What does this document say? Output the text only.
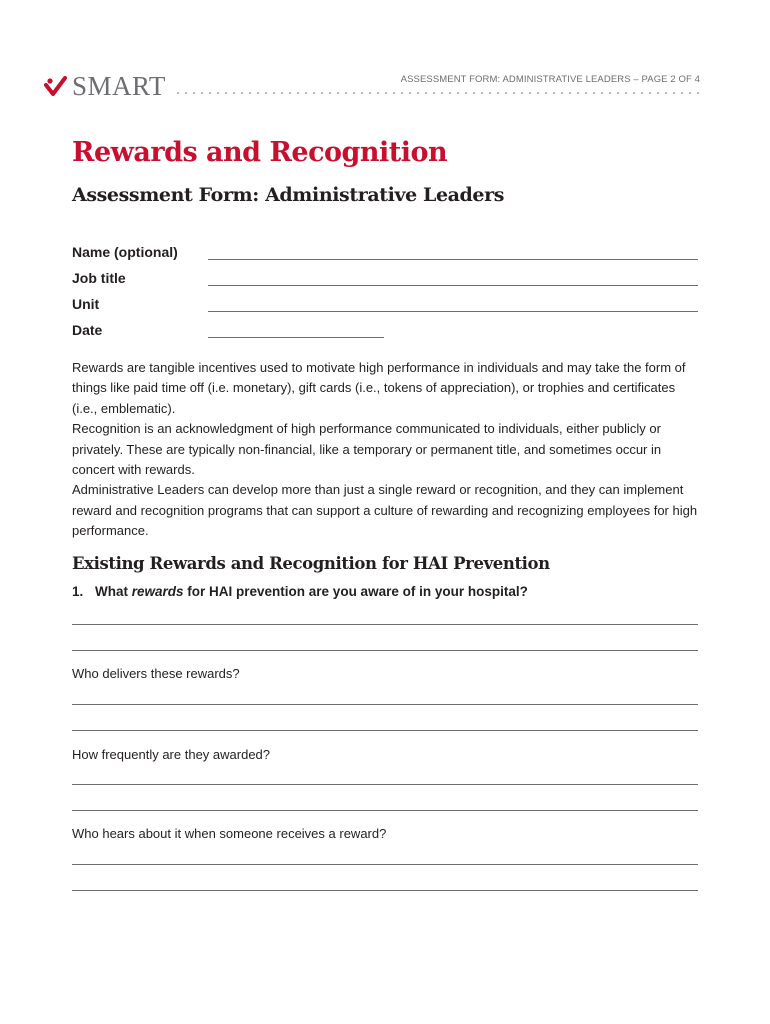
SMART	ASSESSMENT FORM: ADMINISTRATIVE LEADERS – PAGE 2 OF 4
Rewards and Recognition
Assessment Form: Administrative Leaders
Name (optional)
Job title
Unit
Date

Rewards are tangible incentives used to motivate high performance in individuals and may take the form of things like paid time off (i.e. monetary), gift cards (i.e., tokens of appreciation), or trophies and certificates (i.e., emblematic).

Recognition is an acknowledgment of high performance communicated to individuals, either publicly or privately. These are typically non-financial, like a temporary or permanent title, and sometimes occur in concert with rewards.

Administrative Leaders can develop more than just a single reward or recognition, and they can implement reward and recognition programs that can support a culture of rewarding and recognizing employees for high performance.

Existing Rewards and Recognition for HAI Prevention
1. What rewards for HAI prevention are you aware of in your hospital?
Who delivers these rewards?
How frequently are they awarded?
Who hears about it when someone receives a reward?
